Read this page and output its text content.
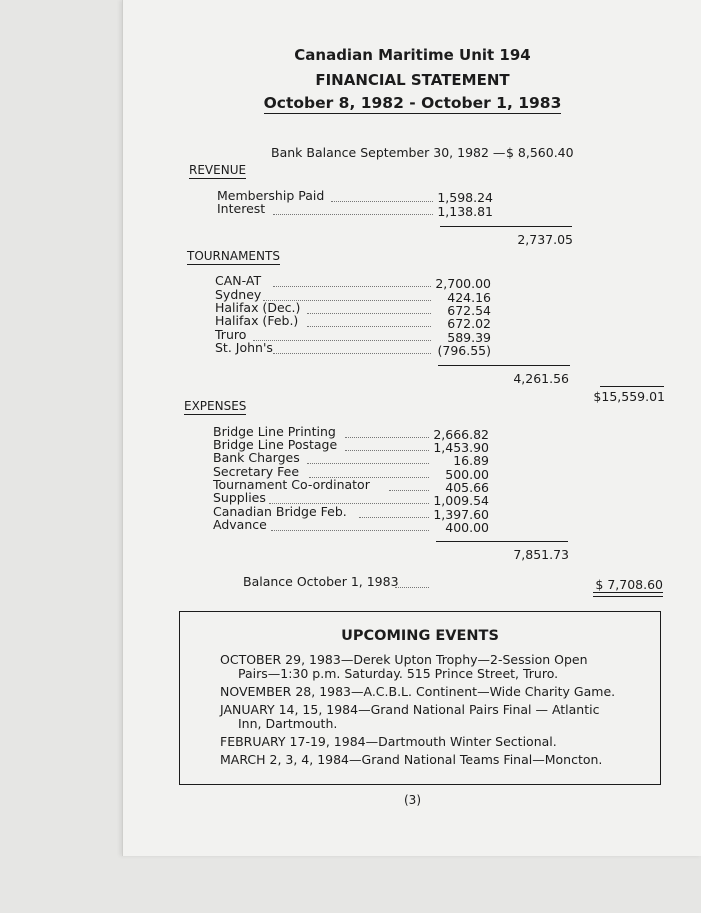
Canadian Maritime Unit 194
FINANCIAL STATEMENT
October 8, 1982 - October 1, 1983
Bank Balance September 30, 1982 — $ 8,560.40
REVENUE
Membership Paid	1,598.24
Interest	1,138.81
2,737.05
TOURNAMENTS
CAN-AT	2,700.00
Sydney	424.16
Halifax (Dec.)	672.54
Halifax (Feb.)	672.02
Truro	589.39
St. John's	(796.55)
4,261.56
$15,559.01
EXPENSES
Bridge Line Printing	2,666.82
Bridge Line Postage	1,453.90
Bank Charges	16.89
Secretary Fee	500.00
Tournament Co-ordinator	405.66
Supplies	1,009.54
Canadian Bridge Feb.	1,397.60
Advance	400.00
7,851.73
Balance October 1, 1983	$ 7,708.60
UPCOMING EVENTS
OCTOBER 29, 1983—Derek Upton Trophy—2-Session Open
Pairs—1:30 p.m. Saturday. 515 Prince Street, Truro.
NOVEMBER 28, 1983—A.C.B.L. Continent—Wide Charity Game.
JANUARY 14, 15, 1984—Grand National Pairs Final — Atlantic
Inn, Dartmouth.
FEBRUARY 17-19, 1984—Dartmouth Winter Sectional.
MARCH 2, 3, 4, 1984—Grand National Teams Final—Moncton.
(3)
